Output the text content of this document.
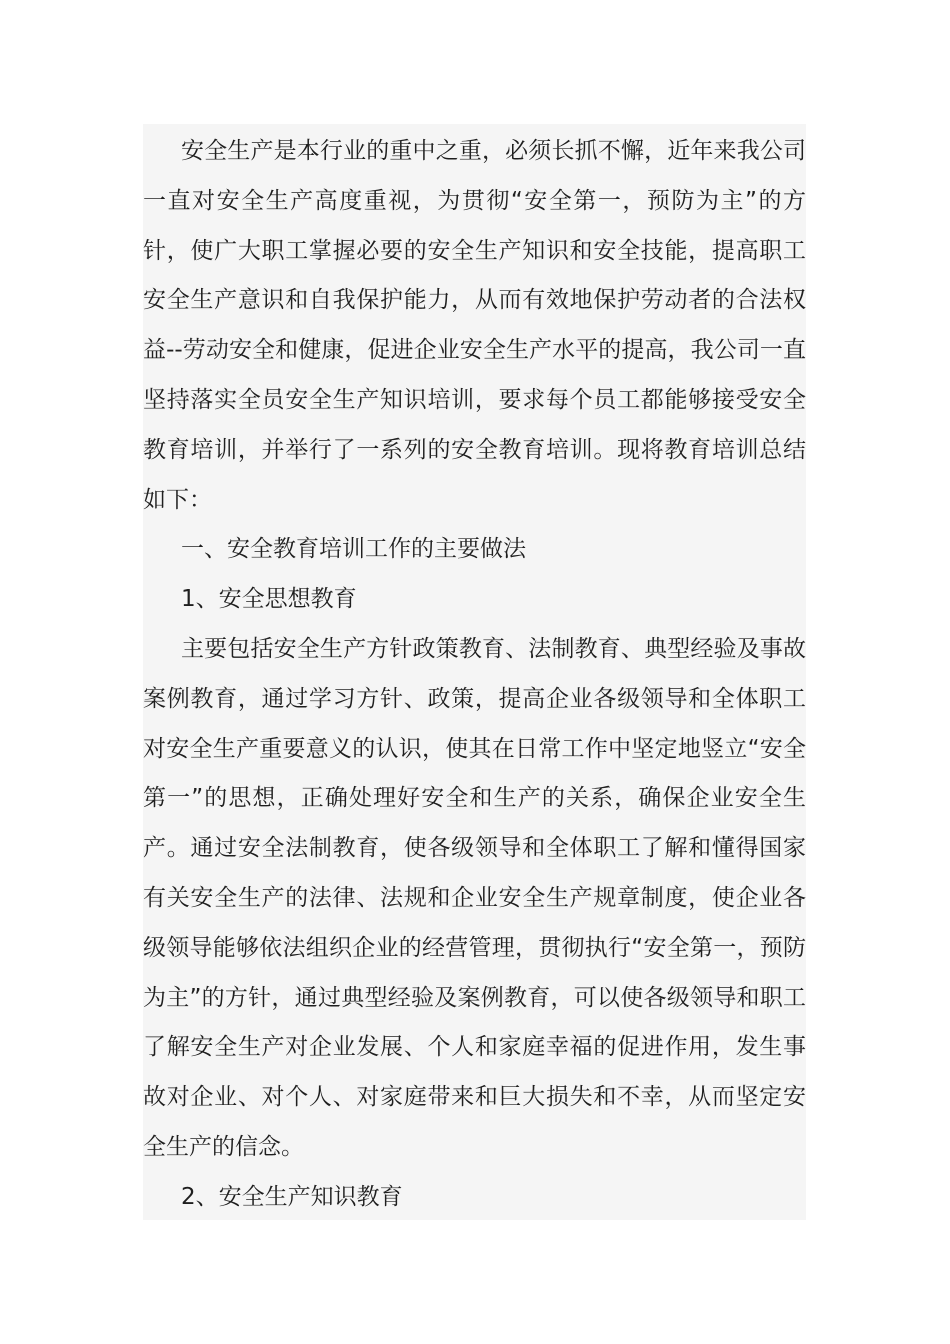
安全生产是本行业的重中之重，必须长抓不懈，近年来我公司一直对安全生产高度重视，为贯彻“安全第一，预防为主”的方针，使广大职工掌握必要的安全生产知识和安全技能，提高职工安全生产意识和自我保护能力，从而有效地保护劳动者的合法权益--劳动安全和健康，促进企业安全生产水平的提高，我公司一直坚持落实全员安全生产知识培训，要求每个员工都能够接受安全教育培训，并举行了一系列的安全教育培训。现将教育培训总结如下：

一、安全教育培训工作的主要做法

1、安全思想教育

主要包括安全生产方针政策教育、法制教育、典型经验及事故案例教育，通过学习方针、政策，提高企业各级领导和全体职工对安全生产重要意义的认识，使其在日常工作中坚定地竖立“安全第一”的思想，正确处理好安全和生产的关系，确保企业安全生产。通过安全法制教育，使各级领导和全体职工了解和懂得国家有关安全生产的法律、法规和企业安全生产规章制度，使企业各级领导能够依法组织企业的经营管理，贯彻执行“安全第一，预防为主”的方针，通过典型经验及案例教育，可以使各级领导和职工了解安全生产对企业发展、个人和家庭幸福的促进作用，发生事故对企业、对个人、对家庭带来和巨大损失和不幸，从而坚定安全生产的信念。

2、安全生产知识教育
